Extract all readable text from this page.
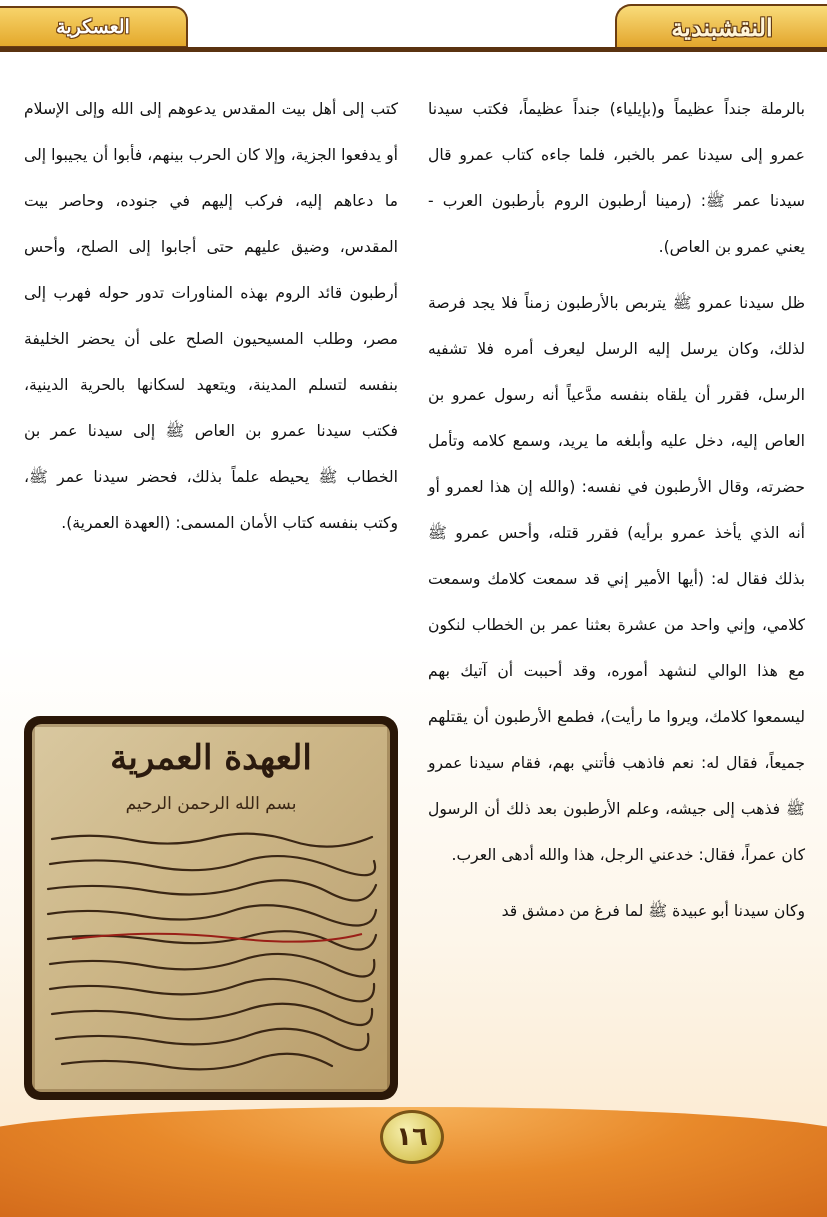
العسكرية	النقشبندية

بالرملة جنداً عظيماً و(بإيلياء) جنداً عظيماً، فكتب سيدنا عمرو إلى سيدنا عمر بالخبر، فلما جاءه كتاب عمرو قال سيدنا عمر ﷺ: (رمينا أرطبون الروم بأرطبون العرب - يعني عمرو بن العاص).

ظل سيدنا عمرو ﷺ يتربص بالأرطبون زمناً فلا يجد فرصة لذلك، وكان يرسل إليه الرسل ليعرف أمره فلا تشفيه الرسل، فقرر أن يلقاه بنفسه مدَّعياً أنه رسول عمرو بن العاص إليه، دخل عليه وأبلغه ما يريد، وسمع كلامه وتأمل حضرته، وقال الأرطبون في نفسه: (والله إن هذا لعمرو أو أنه الذي يأخذ عمرو برأيه) فقرر قتله، وأحس عمرو ﷺ بذلك فقال له: (أيها الأمير إني قد سمعت كلامك وسمعت كلامي، وإني واحد من عشرة بعثنا عمر بن الخطاب لنكون مع هذا الوالي لنشهد أموره، وقد أحببت أن آتيك بهم ليسمعوا كلامك، ويروا ما رأيت)، فطمع الأرطبون أن يقتلهم جميعاً، فقال له: نعم فاذهب فأتني بهم، فقام سيدنا عمرو ﷺ فذهب إلى جيشه، وعلم الأرطبون بعد ذلك أن الرسول كان عمراً، فقال: خدعني الرجل، هذا والله أدهى العرب.

وكان سيدنا أبو عبيدة ﷺ لما فرغ من دمشق قد

كتب إلى أهل بيت المقدس يدعوهم إلى الله وإلى الإسلام أو يدفعوا الجزية، وإلا كان الحرب بينهم، فأبوا أن يجيبوا إلى ما دعاهم إليه، فركب إليهم في جنوده، وحاصر بيت المقدس، وضيق عليهم حتى أجابوا إلى الصلح، وأحس أرطبون قائد الروم بهذه المناورات تدور حوله فهرب إلى مصر، وطلب المسيحيون الصلح على أن يحضر الخليفة بنفسه لتسلم المدينة، ويتعهد لسكانها بالحرية الدينية، فكتب سيدنا عمرو بن العاص ﷺ إلى سيدنا عمر بن الخطاب ﷺ يحيطه علماً بذلك، فحضر سيدنا عمر ﷺ، وكتب بنفسه كتاب الأمان المسمى: (العهدة العمرية).

العهدة العمرية
بسم الله الرحمن الرحيم
١٦
